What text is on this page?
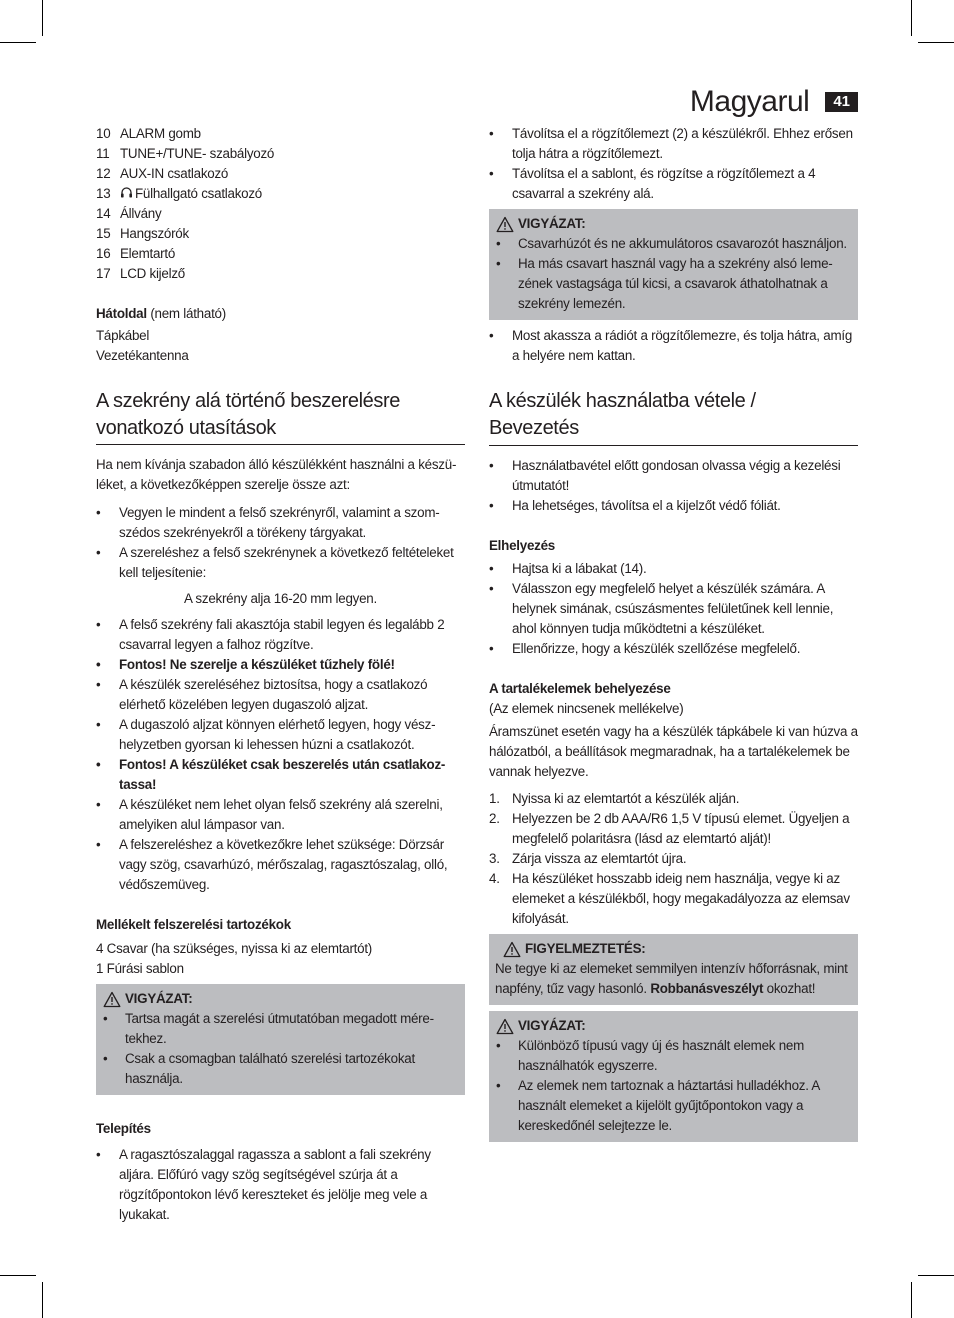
Magyarul	41
10 ALARM gomb
11 TUNE+/TUNE- szabályozó
12 AUX-IN csatlakozó
13	Fülhallgató csatlakozó
14 Állvány
15 Hangszórók
16 Elemtartó
17 LCD kijelző

Hátoldal (nem látható)

Tápkábel

Vezetékantenna

A szekrény alá történő beszerelésre vonatkozó utasítások

Ha nem kívánja szabadon álló készülékként használni a készüléket, a következőképpen szerelje össze azt:

• Vegyen le mindent a felső szekrényről, valamint a szomszédos szekrényekről a törékeny tárgyakat.
• A szereléshez a felső szekrénynek a következő feltételeket kell teljesítenie:

A szekrény alja 16-20 mm legyen.

• A felső szekrény fali akasztója stabil legyen és legalább 2 csavarral legyen a falhoz rögzítve.
• Fontos! Ne szerelje a készüléket tűzhely fölé!
• A készülék szereléséhez biztosítsa, hogy a csatlakozó elérhető közelében legyen dugaszoló aljzat.
• A dugaszoló aljzat könnyen elérhető legyen, hogy vészhelyzetben gyorsan ki lehessen húzni a csatlakozót.
• Fontos! A készüléket csak beszerelés után csatlakoztassa!
• A készüléket nem lehet olyan felső szekrény alá szerelni, amelyiken alul lámpasor van.
• A felszereléshez a következőkre lehet szüksége: Dörzsár vagy szög, csavarhúzó, mérőszalag, ragasztószalag, olló, védőszemüveg.

Mellékelt felszerelési tartozékok

4 Csavar (ha szükséges, nyissa ki az elemtartót)

1 Fúrási sablon

VIGYÁZAT:
• Tartsa magát a szerelési útmutatóban megadott méretekhez.
• Csak a csomagban található szerelési tartozékokat használja.

Telepítés

• A ragasztószalaggal ragassza a sablont a fali szekrény aljára. Előfúró vagy szög segítségével szúrja át a rögzítőpontokon lévő kereszteket és jelölje meg vele a lyukakat.
• Távolítsa el a rögzítőlemezt (2) a készülékről. Ehhez erősen tolja hátra a rögzítőlemezt.
• Távolítsa el a sablont, és rögzítse a rögzítőlemezt a 4 csavarral a szekrény alá.
VIGYÁZAT:
• Csavarhúzót és ne akkumulátoros csavarozót használjon.
• Ha más csavart használ vagy ha a szekrény alsó lemezének vastagsága túl kicsi, a csavarok áthatolhatnak a szekrény lemezén.
• Most akassza a rádiót a rögzítőlemezre, és tolja hátra, amíg a helyére nem kattan.
A készülék használatba vétele / Bevezetés
• Használatbavétel előtt gondosan olvassa végig a kezelési útmutatót!
• Ha lehetséges, távolítsa el a kijelzőt védő fóliát.

Elhelyezés

• Hajtsa ki a lábakat (14).
• Válasszon egy megfelelő helyet a készülék számára. A helynek simának, csúszásmentes felületűnek kell lennie, ahol könnyen tudja működtetni a készüléket.
• Ellenőrizze, hogy a készülék szellőzése megfelelő.

A tartalékelemek behelyezése

(Az elemek nincsenek mellékelve)

Áramszünet esetén vagy ha a készülék tápkábele ki van húzva a hálózatból, a beállítások megmaradnak, ha a tartalékelemek be vannak helyezve.

1. Nyissa ki az elemtartót a készülék alján.
2. Helyezzen be 2 db AAA/R6 1,5 V típusú elemet. Ügyeljen a megfelelő polaritásra (lásd az elemtartó alját)!
3. Zárja vissza az elemtartót újra.
4. Ha készüléket hosszabb ideig nem használja, vegye ki az elemeket a készülékből, hogy megakadályozza az elemsav kifolyását.
FIGYELMEZTETÉS:

Ne tegye ki az elemeket semmilyen intenzív hőforrásnak, mint napfény, tűz vagy hasonló. Robbanásveszélyt okozhat!

VIGYÁZAT:
• Különböző típusú vagy új és használt elemek nem használhatók egyszerre.
• Az elemek nem tartoznak a háztartási hulladékhoz. A használt elemeket a kijelölt gyűjtőpontokon vagy a kereskedőnél selejtezze le.
